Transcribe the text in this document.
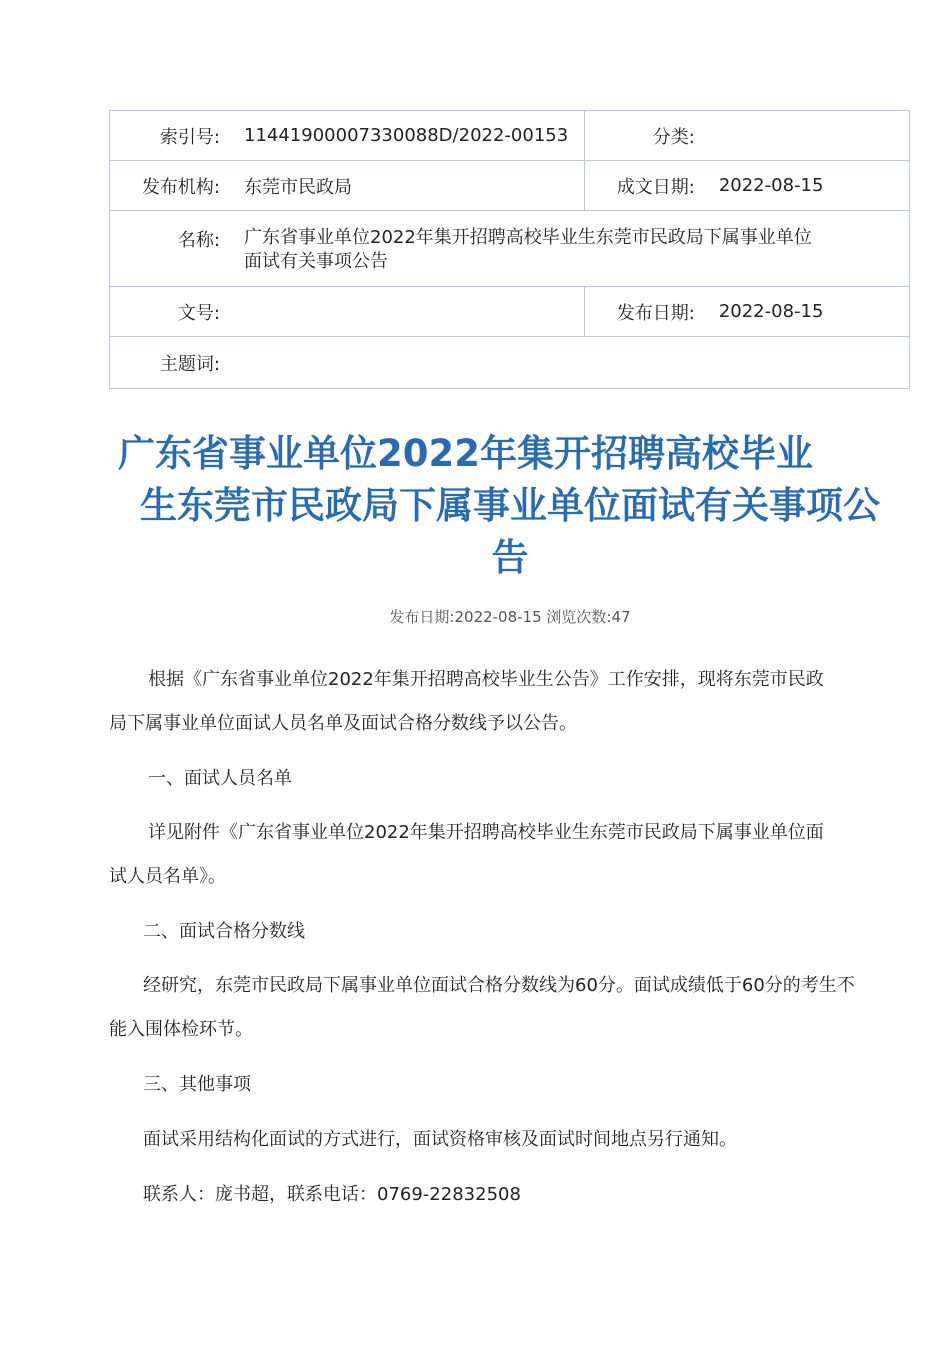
索引号:	11441900007330088D/2022-00153	分类:
发布机构:	东莞市民政局	成文日期:	2022-08-15
名称: 广东省事业单位2022年集开招聘高校毕业生东莞市民政局下属事业单位
面试有关事项公告
文号:	发布日期:	2022-08-15
主题词:
广东省事业单位2022年集开招聘高校毕业
生东莞市民政局下属事业单位面试有关事项公
告
发布日期:2022-08-15 浏览次数:47

根据《广东省事业单位2022年集开招聘高校毕业生公告》工作安排，现将东莞市民政

局下属事业单位面试人员名单及面试合格分数线予以公告。

一、面试人员名单

详见附件《广东省事业单位2022年集开招聘高校毕业生东莞市民政局下属事业单位面

试人员名单》。

二、面试合格分数线

经研究，东莞市民政局下属事业单位面试合格分数线为60分。面试成绩低于60分的考生不

能入围体检环节。

三、其他事项

面试采用结构化面试的方式进行，面试资格审核及面试时间地点另行通知。

联系人：庞书超，联系电话：0769-22832508
